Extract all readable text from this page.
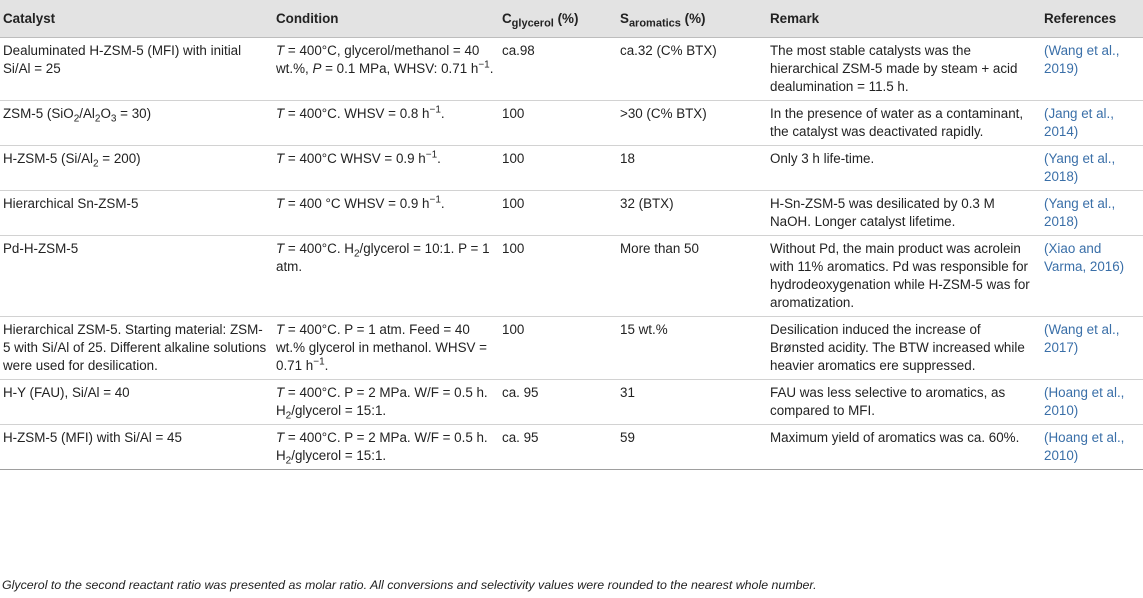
Catalyst	Condition	$C_{glycerol}$ (%)	$S_{aromatics}$ (%)	Remark	References
Dealuminated H-ZSM-5 (MFI) with initial Si/Al = 25	T = 400°C, glycerol/methanol = 40 wt.%, P = 0.1 MPa, WHSV: 0.71 $h^{-1}$.	ca.98	ca.32 (C% BTX)	The most stable catalysts was the hierarchical ZSM-5 made by steam + acid dealumination = 11.5 h.	(Wang et al., 2019)
ZSM-5 $(SiO_2/Al_2O_3 = 30)$	T = 400°C. WHSV = 0.8 $h^{-1}$.	100	>30 (C% BTX)	In the presence of water as a contaminant, the catalyst was deactivated rapidly.	(Jang et al., 2014)
H-ZSM-5 $(Si/Al_2 = 200)$	T = 400°C WHSV = 0.9 $h^{-1}$.	100	18	Only 3 h life-time.	(Yang et al., 2018)
Hierarchical Sn-ZSM-5	T = 400 °C WHSV = 0.9 $h^{-1}$.	100	32 (BTX)	H-Sn-ZSM-5 was desilicated by 0.3 M NaOH. Longer catalyst lifetime.	(Yang et al., 2018)
Pd-H-ZSM-5	T = 400°C. $H_2$/glycerol = 10:1. P = 1 atm.	100	More than 50	Without Pd, the main product was acrolein with 11% aromatics. Pd was responsible for hydrodeoxygenation while H-ZSM-5 was for aromatization.	(Xiao and Varma, 2016)
Hierarchical ZSM-5. Starting material: ZSM-5 with Si/Al of 25. Different alkaline solutions were used for desilication.	T = 400°C. P = 1 atm. Feed = 40 wt.% glycerol in methanol. WHSV = 0.71 $h^{-1}$.	100	15 wt.%	Desilication induced the increase of Brønsted acidity. The BTW increased while heavier aromatics ere suppressed.	(Wang et al., 2017)
H-Y (FAU), Si/Al = 40	T = 400°C. P = 2 MPa. W/F = 0.5 h. $H_2$/glycerol = 15:1.	ca. 95	31	FAU was less selective to aromatics, as compared to MFI.	(Hoang et al., 2010)
H-ZSM-5 (MFI) with Si/Al = 45	T = 400°C. P = 2 MPa. W/F = 0.5 h. $H_2$/glycerol = 15:1.	ca. 95	59	Maximum yield of aromatics was ca. 60%.	(Hoang et al., 2010)
Glycerol to the second reactant ratio was presented as molar ratio. All conversions and selectivity values were rounded to the nearest whole number.
